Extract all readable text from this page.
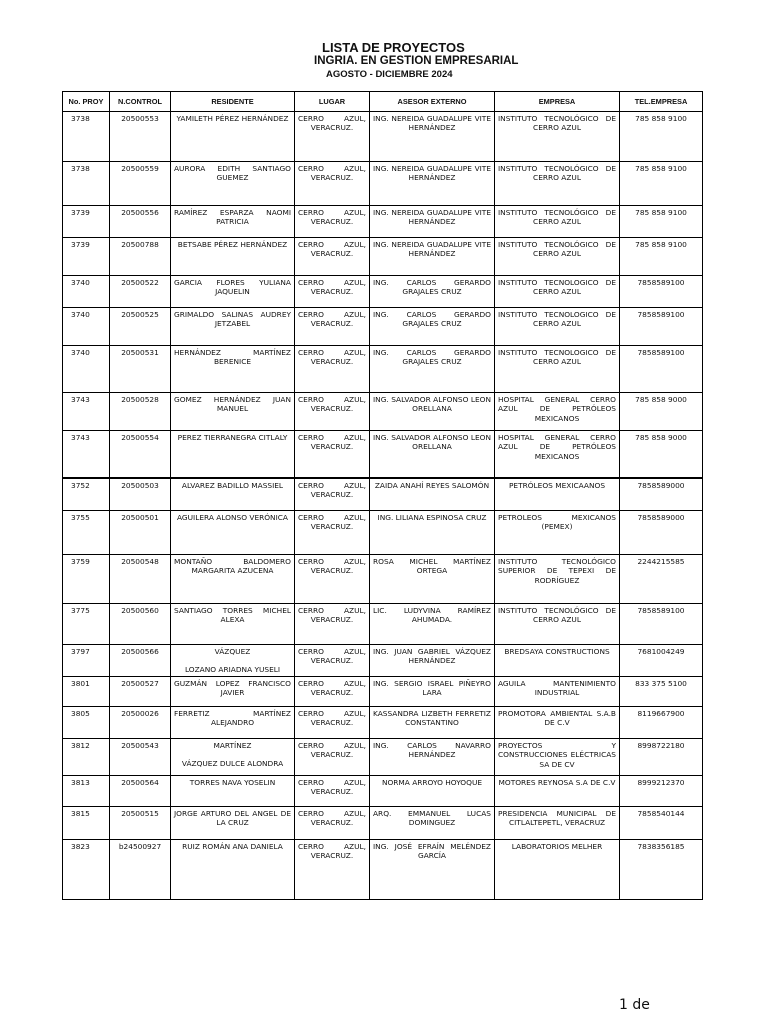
LISTA DE PROYECTOS
INGRIA. EN GESTION EMPRESARIAL
AGOSTO - DICIEMBRE 2024
No. PROY	N.CONTROL	RESIDENTE	LUGAR	ASESOR EXTERNO	EMPRESA	TEL.EMPRESA
3738	20500553	YAMILETH PÉREZ HERNÁNDEZ	CERRO AZUL, VERACRUZ.	ING. NEREIDA GUADALUPE VITE HERNÁNDEZ	INSTITUTO TECNOLÓGICO DE CERRO AZUL	785 858 9100
3738	20500559	AURORA EDITH SANTIAGO GUEMEZ	CERRO AZUL, VERACRUZ.	ING. NEREIDA GUADALUPE VITE HERNÁNDEZ	INSTITUTO TECNOLÓGICO DE CERRO AZUL	785 858 9100
3739	20500556	RAMÍREZ ESPARZA NAOMI PATRICIA	CERRO AZUL, VERACRUZ.	ING. NEREIDA GUADALUPE VITE HERNÁNDEZ	INSTITUTO TECNOLÓGICO DE CERRO AZUL	785 858 9100
3739	20500788	BETSABE PÉREZ HERNÁNDEZ	CERRO AZUL, VERACRUZ.	ING. NEREIDA GUADALUPE VITE HERNÁNDEZ	INSTITUTO TECNOLÓGICO DE CERRO AZUL	785 858 9100
3740	20500522	GARCIA FLORES YULIANA JAQUELIN	CERRO AZUL, VERACRUZ.	ING. CARLOS GERARDO GRAJALES CRUZ	INSTITUTO TECNOLOGICO DE CERRO AZUL	7858589100
3740	20500525	GRIMALDO SALINAS AUDREY JETZABEL	CERRO AZUL, VERACRUZ.	ING. CARLOS GERARDO GRAJALES CRUZ	INSTITUTO TECNOLOGICO DE CERRO AZUL	7858589100
3740	20500531	HERNÁNDEZ MARTÍNEZ BERENICE	CERRO AZUL, VERACRUZ.	ING. CARLOS GERARDO GRAJALES CRUZ	INSTITUTO TECNOLOGICO DE CERRO AZUL	7858589100
3743	20500528	GOMEZ HERNÁNDEZ JUAN MANUEL	CERRO AZUL, VERACRUZ.	ING. SALVADOR ALFONSO LEON ORELLANA	HOSPITAL GENERAL CERRO AZUL DE PETRÓLEOS MEXICANOS	785 858 9000
3743	20500554	PEREZ TIERRANEGRA CITLALY	CERRO AZUL, VERACRUZ.	ING. SALVADOR ALFONSO LEON ORELLANA	HOSPITAL GENERAL CERRO AZUL DE PETRÓLEOS MEXICANOS	785 858 9000
3752	20500503	ALVAREZ BADILLO MASSIEL	CERRO AZUL, VERACRUZ.	ZAIDA ANAHÍ REYES SALOMÓN	PETRÓLEOS MEXICAANOS	7858589000
3755	20500501	AGUILERA ALONSO VERÓNICA	CERRO AZUL, VERACRUZ.	ING. LILIANA ESPINOSA CRUZ	PETROLEOS MEXICANOS (PEMEX)	7858589000
3759	20500548	MONTAÑO BALDOMERO MARGARITA AZUCENA	CERRO AZUL, VERACRUZ.	ROSA MICHEL MARTÍNEZ ORTEGA	INSTITUTO TECNOLÓGICO SUPERIOR DE TEPEXI DE RODRÍGUEZ	2244215585
3775	20500560	SANTIAGO TORRES MICHEL ALEXA	CERRO AZUL, VERACRUZ.	LIC. LUDYVINA RAMÍREZ AHUMADA.	INSTITUTO TECNOLÓGICO DE CERRO AZUL	7858589100
3797	20500566	VÁZQUEZ
LOZANO ARIADNA YUSELI	CERRO AZUL, VERACRUZ.	ING. JUAN GABRIEL VÁZQUEZ HERNÁNDEZ	BREDSAYA CONSTRUCTIONS	7681004249
3801	20500527	GUZMÁN LOPEZ FRANCISCO JAVIER	CERRO AZUL, VERACRUZ.	ING. SERGIO ISRAEL PIÑEYRO LARA	AGUILA MANTENIMIENTO INDUSTRIAL	833 375 5100
3805	20500026	FERRETIZ MARTÍNEZ ALEJANDRO	CERRO AZUL, VERACRUZ.	KASSANDRA LIZBETH FERRETIZ CONSTANTINO	PROMOTORA AMBIENTAL S.A.B DE C.V	8119667900
3812	20500543	MARTÍNEZ
VÁZQUEZ DULCE ALONDRA	CERRO AZUL, VERACRUZ.	ING. CARLOS NAVARRO HERNÁNDEZ	PROYECTOS Y CONSTRUCCIONES ELÉCTRICAS SA DE CV	8998722180
3813	20500564	TORRES NAVA YOSELIN	CERRO AZUL, VERACRUZ.	NORMA ARROYO HOYOQUE	MOTORES REYNOSA S.A DE C.V	8999212370
3815	20500515	JORGE ARTURO DEL ANGEL DE LA CRUZ	CERRO AZUL, VERACRUZ.	ARQ. EMMANUEL LUCAS DOMINGUEZ	PRESIDENCIA MUNICIPAL DE CITLALTEPETL, VERACRUZ	7858540144
3823	b24500927	RUIZ ROMÁN ANA DANIELA	CERRO AZUL, VERACRUZ.	ING. JOSÉ EFRAÍN MELÉNDEZ GARCÍA	LABORATORIOS MELHER	7838356185
1 de
